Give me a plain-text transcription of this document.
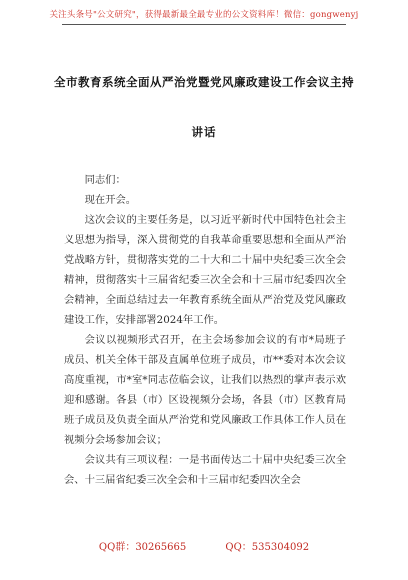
关注头条号"公文研究"，获得最新最全最专业的公文资料库！微信：gongwenyj
全市教育系统全面从严治党暨党风廉政建设工作会议主持
讲话

同志们：

现在开会。

这次会议的主要任务是，以习近平新时代中国特色社会主义思想为指导，深入贯彻党的自我革命重要思想和全面从严治党战略方针，贯彻落实党的二十大和二十届中央纪委三次全会精神，贯彻落实十三届省纪委三次全会和十三届市纪委四次全会精神，全面总结过去一年教育系统全面从严治党及党风廉政建设工作，安排部署2024年工作。

会议以视频形式召开，在主会场参加会议的有市*局班子成员、机关全体干部及直属单位班子成员，市**委对本次会议高度重视，市*室*同志莅临会议，让我们以热烈的掌声表示欢迎和感谢。各县（市）区设视频分会场，各县（市）区教育局班子成员及负责全面从严治党和党风廉政工作具体工作人员在视频分会场参加会议；

会议共有三项议程：一是书面传达二十届中央纪委三次全会、十三届省纪委三次全会和十三届市纪委四次全会

QQ群：30265665	QQ：535304092
